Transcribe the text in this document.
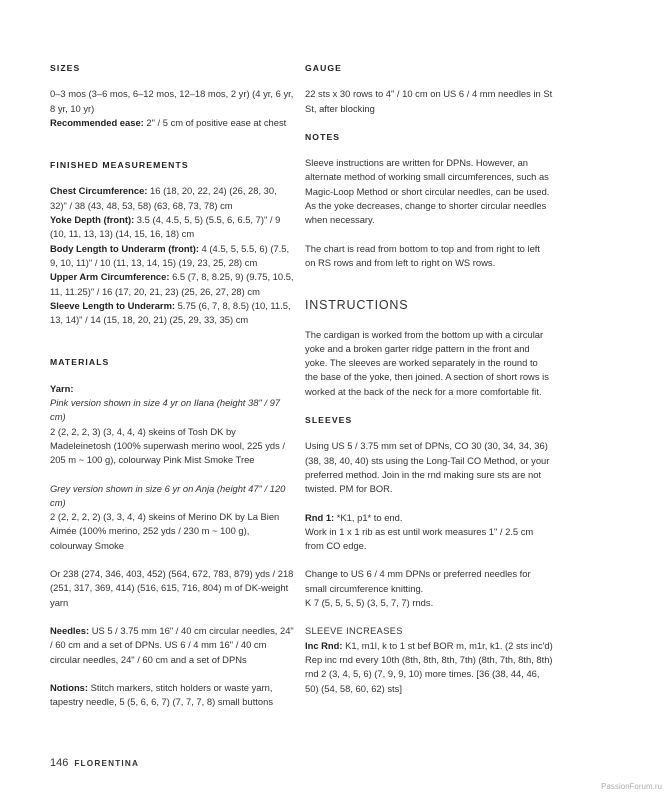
SIZES
0–3 mos (3–6 mos, 6–12 mos, 12–18 mos, 2 yr) (4 yr, 6 yr, 8 yr, 10 yr)

Recommended ease: 2" / 5 cm of positive ease at chest

FINISHED MEASUREMENTS
Chest Circumference: 16 (18, 20, 22, 24) (26, 28, 30, 32)" / 38 (43, 48, 53, 58) (63, 68, 73, 78) cm
Yoke Depth (front): 3.5 (4, 4.5, 5, 5) (5.5, 6, 6.5, 7)" / 9 (10, 11, 13, 13) (14, 15, 16, 18) cm
Body Length to Underarm (front): 4 (4.5, 5, 5.5, 6) (7.5, 9, 10, 11)" / 10 (11, 13, 14, 15) (19, 23, 25, 28) cm
Upper Arm Circumference: 6.5 (7, 8, 8.25, 9) (9.75, 10.5, 11, 11.25)" / 16 (17, 20, 21, 23) (25, 26, 27, 28) cm

Sleeve Length to Underarm: 5.75 (6, 7, 8, 8.5) (10, 11.5, 13, 14)" / 14 (15, 18, 20, 21) (25, 29, 33, 35) cm

MATERIALS
Yarn:
Pink version shown in size 4 yr on Ilana (height 38" / 97 cm)

2 (2, 2, 2, 3) (3, 4, 4, 4) skeins of Tosh DK by Madeleinetosh (100% superwash merino wool, 225 yds / 205 m ~ 100 g), colourway Pink Mist Smoke Tree

Grey version shown in size 6 yr on Anja (height 47" / 120 cm)

2 (2, 2, 2, 2) (3, 3, 4, 4) skeins of Merino DK by La Bien Aimée (100% merino, 252 yds / 230 m ~ 100 g), colourway Smoke

Or 238 (274, 346, 403, 452) (564, 672, 783, 879) yds / 218 (251, 317, 369, 414) (516, 615, 716, 804) m of DK-weight yarn

Needles: US 5 / 3.75 mm 16" / 40 cm circular needles, 24" / 60 cm and a set of DPNs. US 6 / 4 mm 16" / 40 cm circular needles, 24" / 60 cm and a set of DPNs

Notions: Stitch markers, stitch holders or waste yarn, tapestry needle, 5 (5, 6, 6, 7) (7, 7, 7, 8) small buttons

GAUGE

22 sts x 30 rows to 4" / 10 cm on US 6 / 4 mm needles in St St, after blocking

NOTES

Sleeve instructions are written for DPNs. However, an alternate method of working small circumferences, such as Magic-Loop Method or short circular needles, can be used. As the yoke decreases, change to shorter circular needles when necessary.

The chart is read from bottom to top and from right to left on RS rows and from left to right on WS rows.

INSTRUCTIONS

The cardigan is worked from the bottom up with a circular yoke and a broken garter ridge pattern in the front and yoke. The sleeves are worked separately in the round to the base of the yoke, then joined. A section of short rows is worked at the back of the neck for a more comfortable fit.

SLEEVES

Using US 5 / 3.75 mm set of DPNs, CO 30 (30, 34, 34, 36) (38, 38, 40, 40) sts using the Long-Tail CO Method, or your preferred method. Join in the rnd making sure sts are not twisted. PM for BOR.

Rnd 1: *K1, p1* to end.

Work in 1 x 1 rib as est until work measures 1" / 2.5 cm from CO edge.

Change to US 6 / 4 mm DPNs or preferred needles for small circumference knitting.

K 7 (5, 5, 5, 5) (3, 5, 7, 7) rnds.

SLEEVE INCREASES
Inc Rnd: K1, m1l, k to 1 st bef BOR m, m1r, k1. (2 sts inc'd)
Rep inc rnd every 10th (8th, 8th, 8th, 7th) (8th, 7th, 8th, 8th) rnd 2 (3, 4, 5, 6) (7, 9, 9, 10) more times. [36 (38, 44, 46, 50) (54, 58, 60, 62) sts]
146 FLORENTINA
PassionForum.ru
